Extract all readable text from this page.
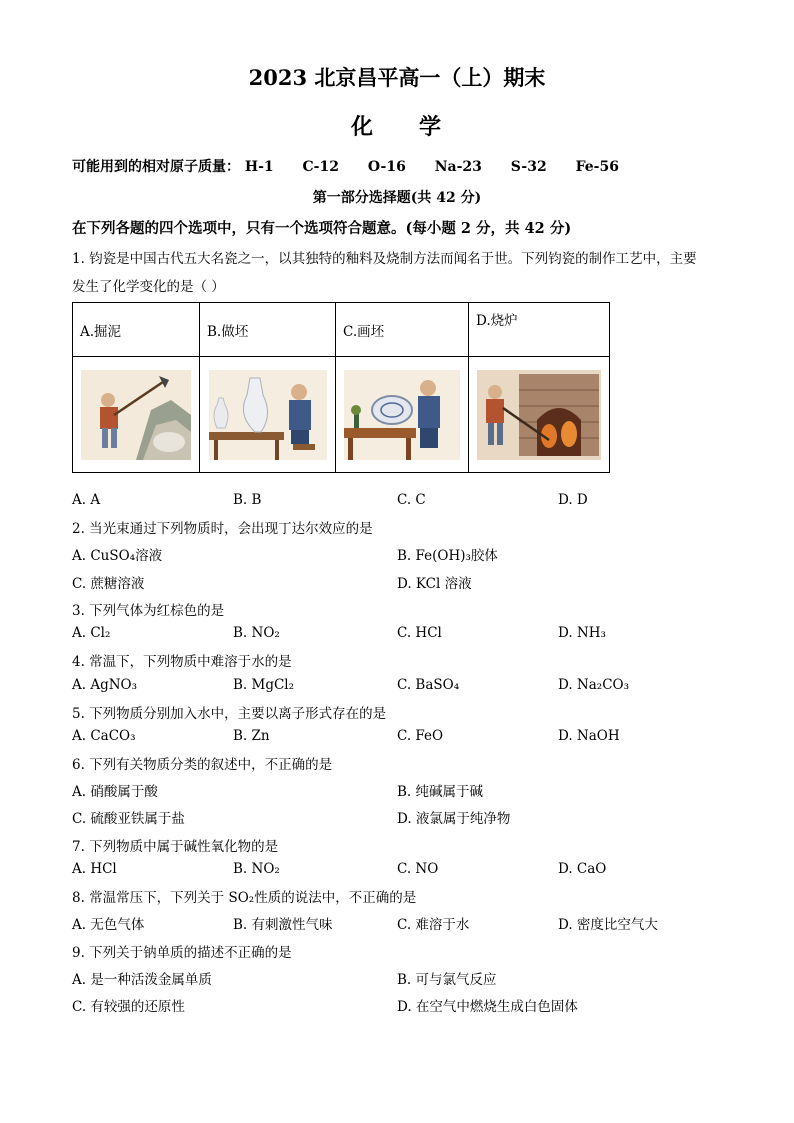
2023 北京昌平高一（上）期末
化 学
可能用到的相对原子质量： H-1 C-12 O-16 Na-23 S-32 Fe-56
第一部分选择题(共 42 分)
在下列各题的四个选项中，只有一个选项符合题意。(每小题 2 分，共 42 分)
1. 钧瓷是中国古代五大名瓷之一，以其独特的釉料及烧制方法而闻名于世。下列钧瓷的制作工艺中，主要
发生了化学变化的是（ ）
A.掘泥	B.做坯	C.画坯	D.烧炉

A. A	B. B	C. C	D. D
2. 当光束通过下列物质时，会出现丁达尔效应的是
A. CuSO₄溶液	B. Fe(OH)₃胶体
C. 蔗糖溶液	D. KCl 溶液
3. 下列气体为红棕色的是
A. Cl₂	B. NO₂	C. HCl	D. NH₃
4. 常温下，下列物质中难溶于水的是
A. AgNO₃	B. MgCl₂	C. BaSO₄	D. Na₂CO₃
5. 下列物质分别加入水中，主要以离子形式存在的是
A. CaCO₃	B. Zn	C. FeO	D. NaOH
6. 下列有关物质分类的叙述中，不正确的是
A. 硝酸属于酸	B. 纯碱属于碱
C. 硫酸亚铁属于盐	D. 液氯属于纯净物
7. 下列物质中属于碱性氧化物的是
A. HCl	B. NO₂	C. NO	D. CaO
8. 常温常压下，下列关于 SO₂性质的说法中，不正确的是
A. 无色气体	B. 有刺激性气味	C. 难溶于水	D. 密度比空气大
9. 下列关于钠单质的描述不正确的是
A. 是一种活泼金属单质	B. 可与氯气反应
C. 有较强的还原性	D. 在空气中燃烧生成白色固体
